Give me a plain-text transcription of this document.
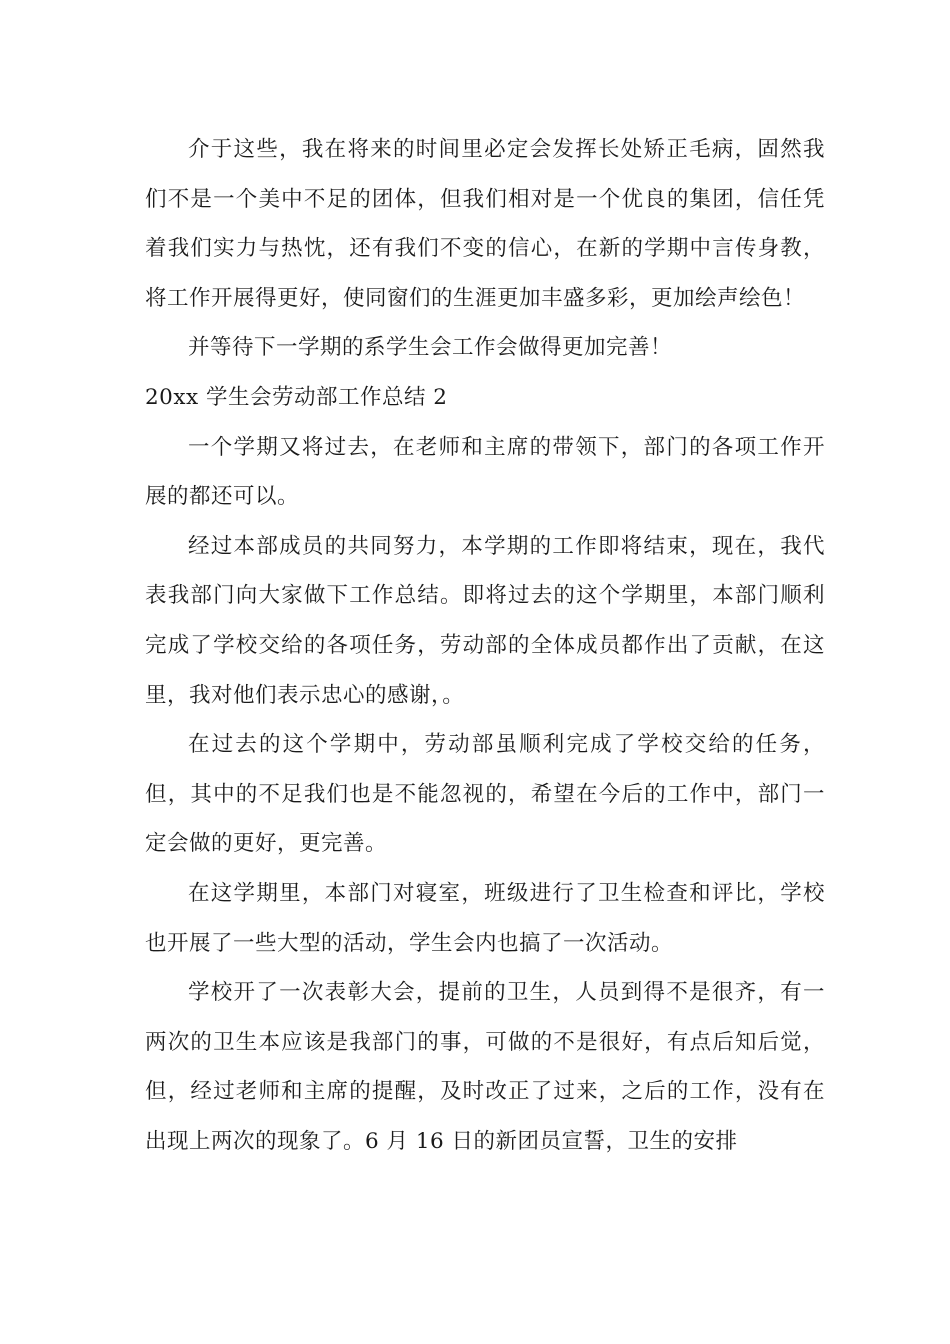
介于这些，我在将来的时间里必定会发挥长处矫正毛病，固然我们不是一个美中不足的团体，但我们相对是一个优良的集团，信任凭着我们实力与热忱，还有我们不变的信心，在新的学期中言传身教，将工作开展得更好，使同窗们的生涯更加丰盛多彩，更加绘声绘色！

并等待下一学期的系学生会工作会做得更加完善！

20xx 学生会劳动部工作总结 2

一个学期又将过去，在老师和主席的带领下，部门的各项工作开展的都还可以。

经过本部成员的共同努力，本学期的工作即将结束，现在，我代表我部门向大家做下工作总结。即将过去的这个学期里，本部门顺利完成了学校交给的各项任务，劳动部的全体成员都作出了贡献，在这里，我对他们表示忠心的感谢，。

在过去的这个学期中，劳动部虽顺利完成了学校交给的任务，但，其中的不足我们也是不能忽视的，希望在今后的工作中，部门一定会做的更好，更完善。

在这学期里，本部门对寝室，班级进行了卫生检查和评比，学校也开展了一些大型的活动，学生会内也搞了一次活动。

学校开了一次表彰大会，提前的卫生，人员到得不是很齐，有一两次的卫生本应该是我部门的事，可做的不是很好，有点后知后觉，但，经过老师和主席的提醒，及时改正了过来，之后的工作，没有在出现上两次的现象了。6 月 16 日的新团员宣誓，卫生的安排
